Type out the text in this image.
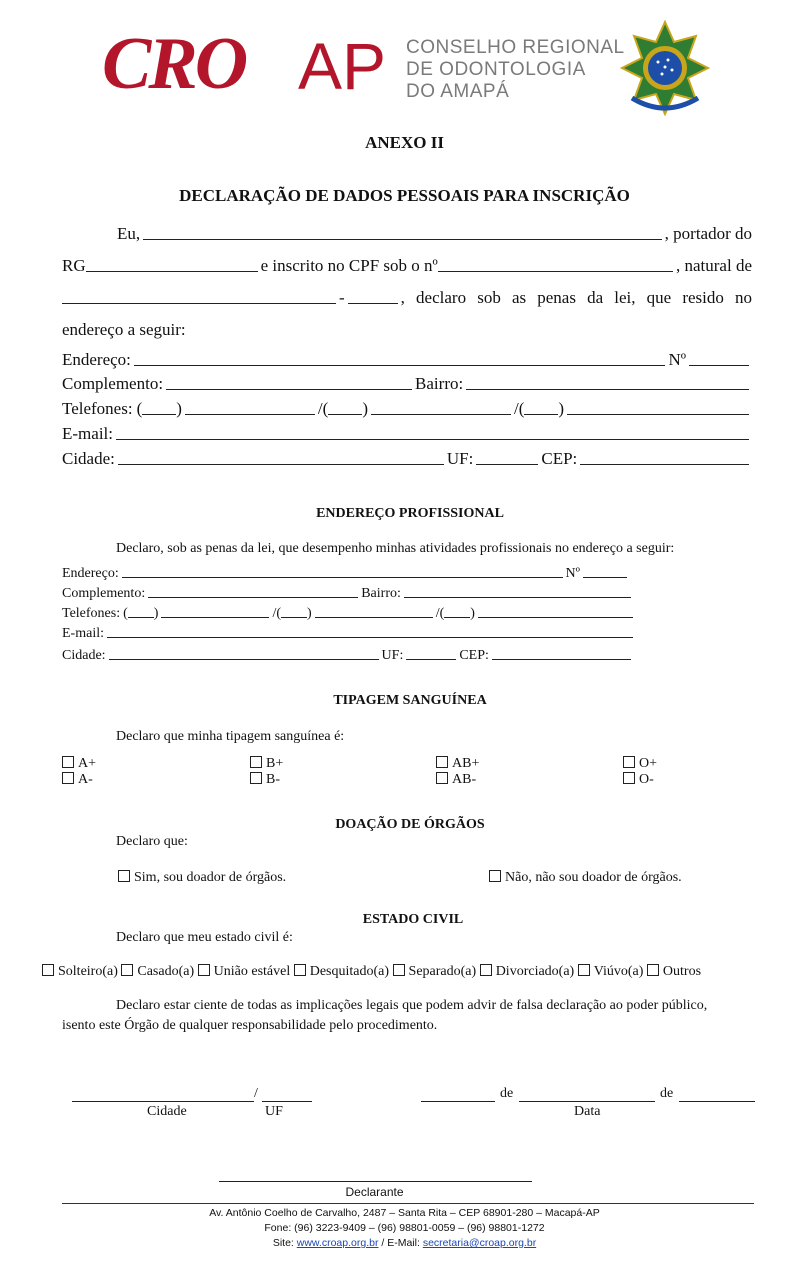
CRO AP CONSELHO REGIONAL
DE ODONTOLOGIA
DO AMAPÁ
ANEXO II
DECLARAÇÃO DE DADOS PESSOAIS PARA INSCRIÇÃO
Eu,	, portador do
RG	e inscrito no CPF sob o nº	, natural de
-	, declaro sob as penas da lei, que resido no
endereço a seguir:
Endereço:	Nº
Complemento:	Bairro:
Telefones: ( )	/ ( )	/ ( )
E-mail:
Cidade:	UF:	CEP:
ENDEREÇO PROFISSIONAL
Declaro, sob as penas da lei, que desempenho minhas atividades profissionais no endereço a seguir:
Endereço:	Nº
Complemento:	Bairro:
Telefones: ( )	/ ( )	/ ( )
E-mail:
Cidade:	UF:	CEP:
TIPAGEM SANGUÍNEA
Declaro que minha tipagem sanguínea é:
A+	B+	AB+	O+
A-	B-	AB-	O-
DOAÇÃO DE ÓRGÃOS
Declaro que:
Sim, sou doador de órgãos.	Não, não sou doador de órgãos.
ESTADO CIVIL
Declaro que meu estado civil é:
Solteiro(a) Casado(a) União estável Desquitado(a) Separado(a) Divorciado(a) Viúvo(a) Outros
Declaro estar ciente de todas as implicações legais que podem advir de falsa declaração ao poder público,
isento este Órgão de qualquer responsabilidade pelo procedimento.
/
Cidade	UF
de	de
Data
Declarante
Av. Antônio Coelho de Carvalho, 2487 – Santa Rita – CEP 68901-280 – Macapá-AP
Fone: (96) 3223-9409 – (96) 98801-0059 – (96) 98801-1272
Site: www.croap.org.br / E-Mail: secretaria@croap.org.br
